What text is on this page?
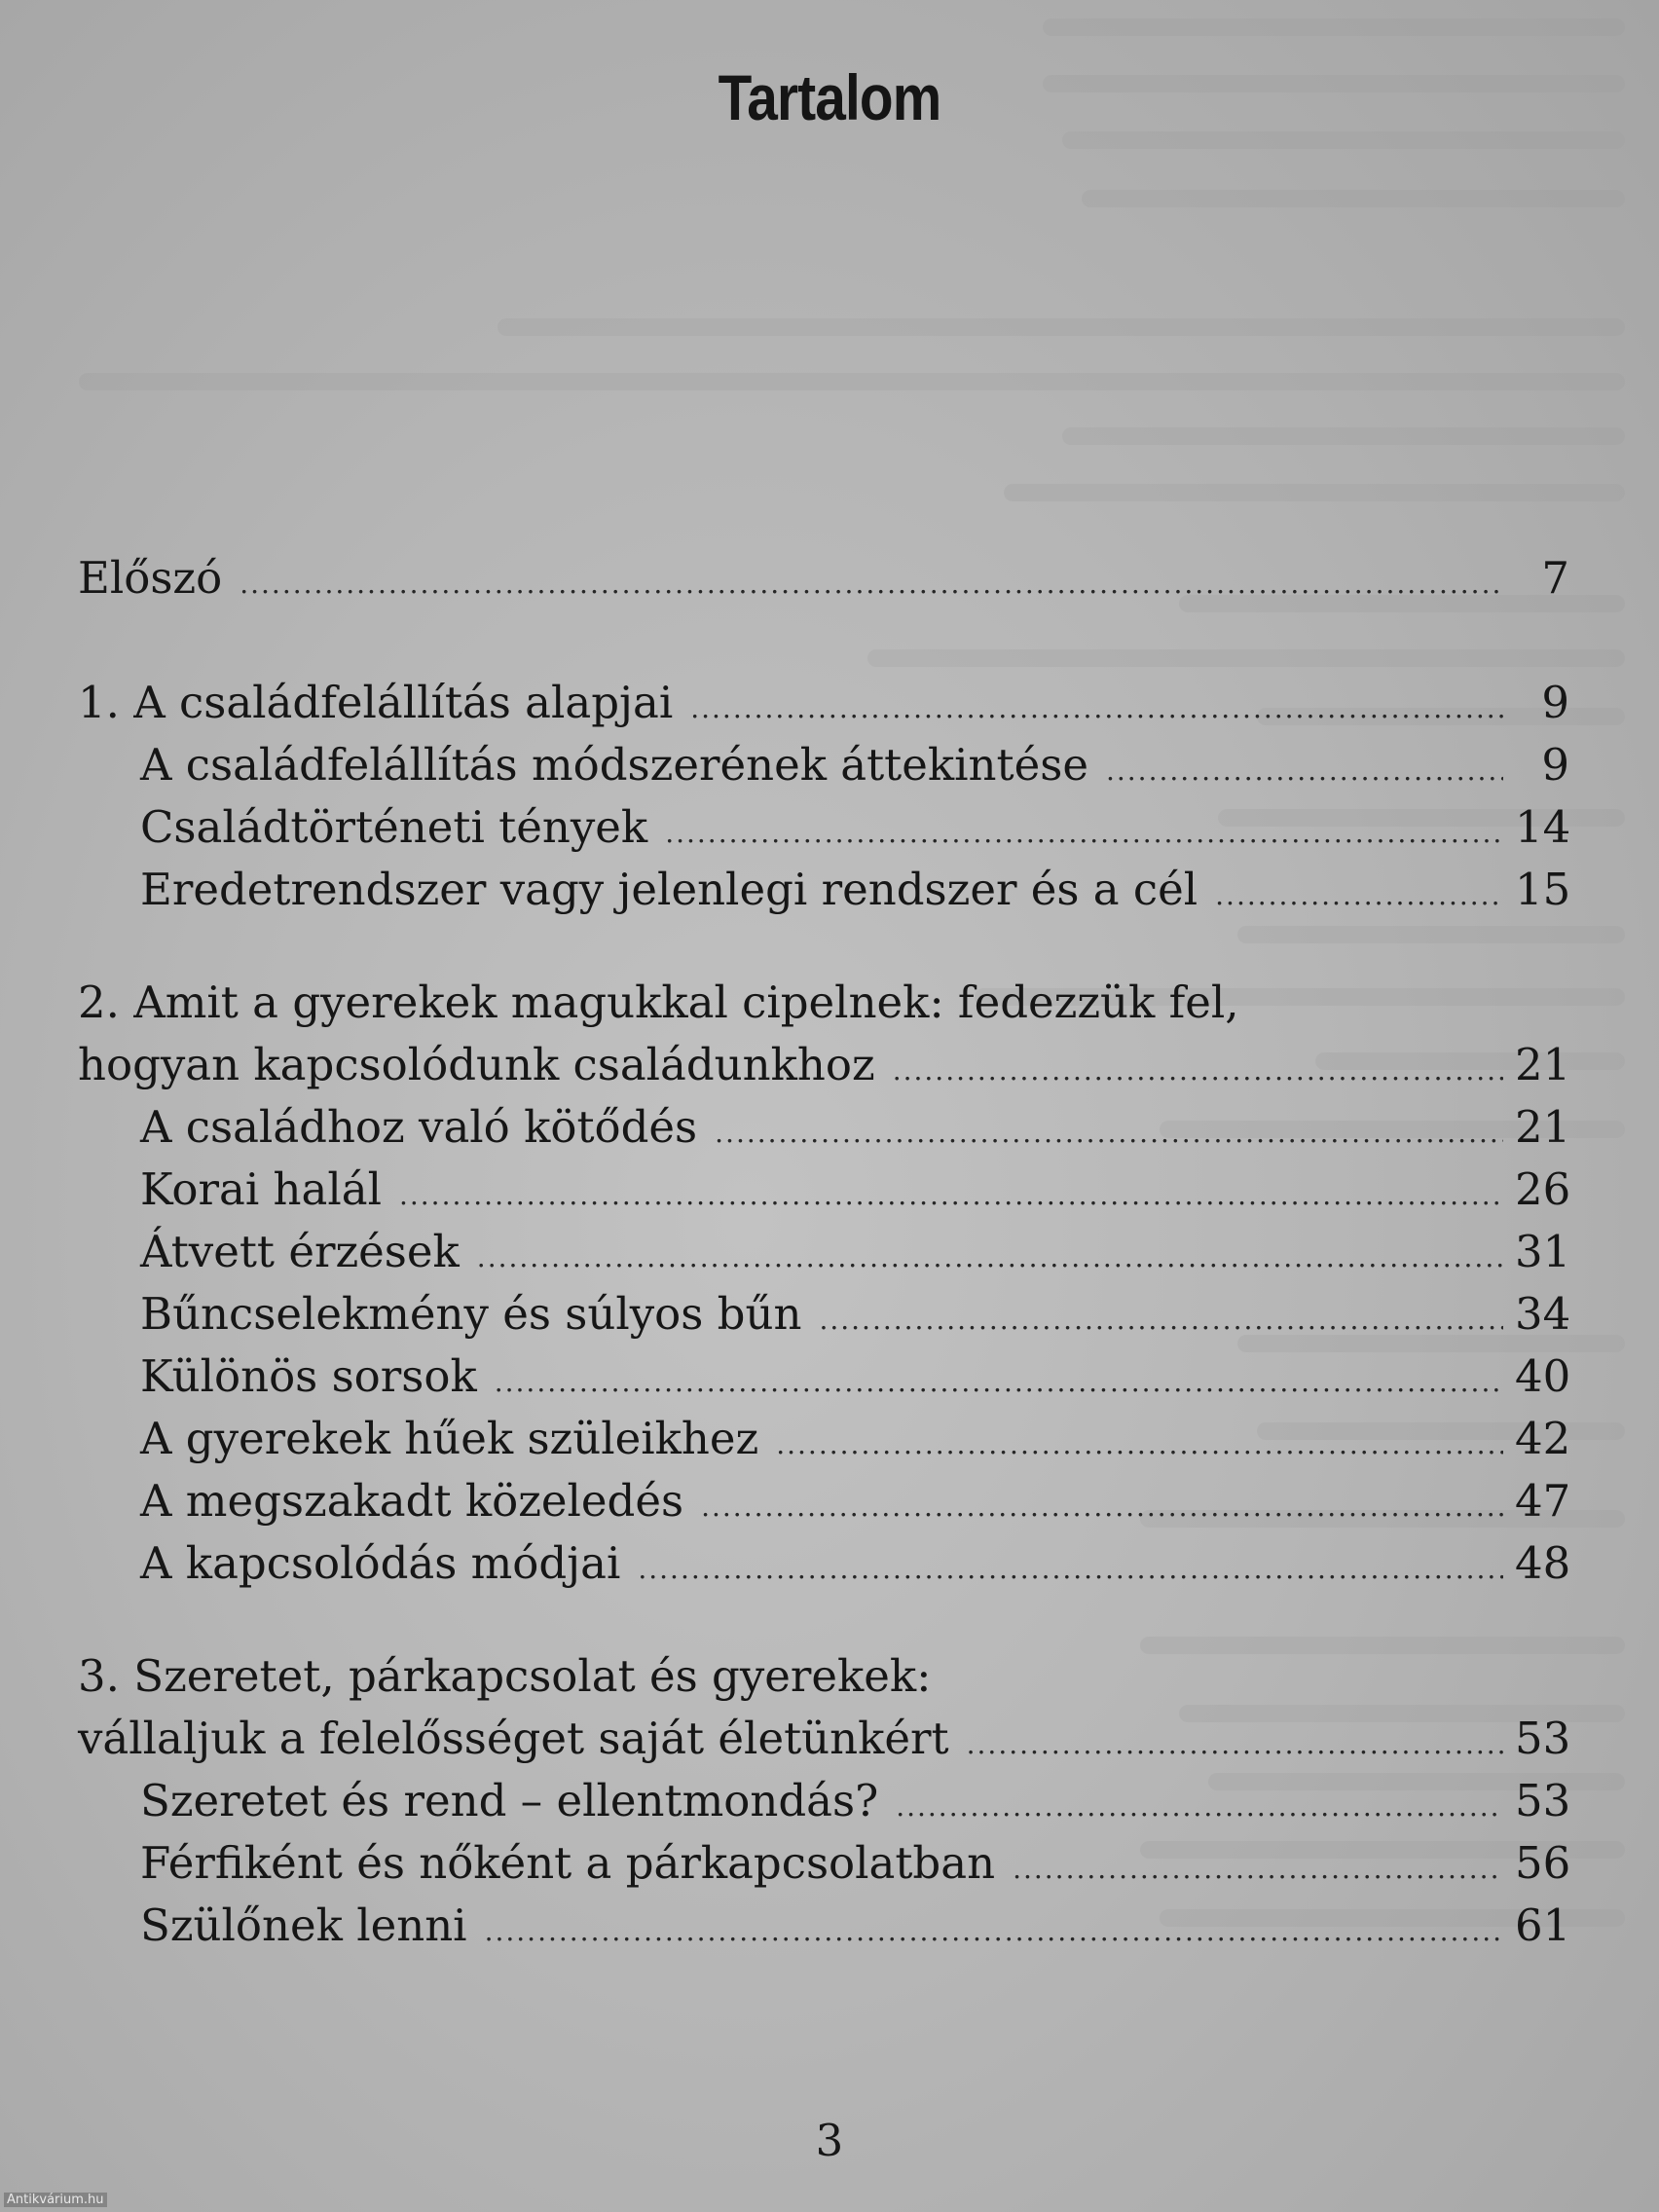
Tartalom
Előszó .....	7
1. A családfelállítás alapjai .....	9
A családfelállítás módszerének áttekintése .....	9
Családtörténeti tények .....	14
Eredetrendszer vagy jelenlegi rendszer és a cél .....	15
2. Amit a gyerekek magukkal cipelnek: fedezzük fel,
hogyan kapcsolódunk családunkhoz .....	21
A családhoz való kötődés .....	21
Korai halál .....	26
Átvett érzések .....	31
Bűncselekmény és súlyos bűn .....	34
Különös sorsok .....	40
A gyerekek hűek szüleikhez .....	42
A megszakadt közeledés .....	47
A kapcsolódás módjai .....	48
3. Szeretet, párkapcsolat és gyerekek:
vállaljuk a felelősséget saját életünkért .....	53
Szeretet és rend – ellentmondás? .....	53
Férfiként és nőként a párkapcsolatban .....	56
Szülőnek lenni .....	61
3
Antikvárium.hu
